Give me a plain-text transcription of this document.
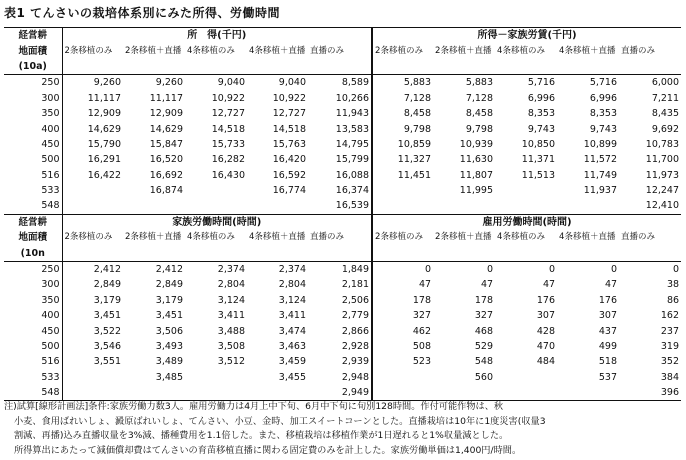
表1 てんさいの栽培体系別にみた所得、労働時間
経営耕	所　得(千円)					所得－家族労賃(千円)				
地面積	2条移植のみ	2条移植＋直播	4条移植のみ	4条移植＋直播	直播のみ	2条移植のみ	2条移植＋直播	4条移植のみ	4条移植＋直播	直播のみ
(10a)										
250	9,260	9,260	9,040	9,040	8,589	5,883	5,883	5,716	5,716	6,000
300	11,117	11,117	10,922	10,922	10,266	7,128	7,128	6,996	6,996	7,211
350	12,909	12,909	12,727	12,727	11,943	8,458	8,458	8,353	8,353	8,435
400	14,629	14,629	14,518	14,518	13,583	9,798	9,798	9,743	9,743	9,692
450	15,790	15,847	15,733	15,763	14,795	10,859	10,939	10,850	10,899	10,783
500	16,291	16,520	16,282	16,420	15,799	11,327	11,630	11,371	11,572	11,700
516	16,422	16,692	16,430	16,592	16,088	11,451	11,807	11,513	11,749	11,973
533		16,874		16,774	16,374		11,995		11,937	12,247
548					16,539					12,410
経営耕	家族労働時間(時間)					雇用労働時間(時間)				
地面積	2条移植のみ	2条移植＋直播	4条移植のみ	4条移植＋直播	直播のみ	2条移植のみ	2条移植＋直播	4条移植のみ	4条移植＋直播	直播のみ
(10n										
250	2,412	2,412	2,374	2,374	1,849	0	0	0	0	0
300	2,849	2,849	2,804	2,804	2,181	47	47	47	47	38
350	3,179	3,179	3,124	3,124	2,506	178	178	176	176	86
400	3,451	3,451	3,411	3,411	2,779	327	327	307	307	162
450	3,522	3,506	3,488	3,474	2,866	462	468	428	437	237
500	3,546	3,493	3,508	3,463	2,928	508	529	470	499	319
516	3,551	3,489	3,512	3,459	2,939	523	548	484	518	352
533		3,485		3,455	2,948		560		537	384
548					2,949					396

注)試算[線形計画法]条件:家族労働力数3人。雇用労働力は4月上中下旬、6月中下旬に旬別128時間。作付可能作物は、秋

小麦、食用ばれいしょ、澱原ばれいしょ、てんさい、小豆、金時、加工スイートコーンとした。直播栽培は10年に1度災害(収量3

割減、再播)込み直播収量を3%減、播種費用を1.1倍した。また、移植栽培は移植作業が1日遅れると1%収量減とした。

所得算出にあたって減価償却費はてんさいの育苗移植直播に関わる固定費のみを計上した。家族労働単価は1,400円/時間。
